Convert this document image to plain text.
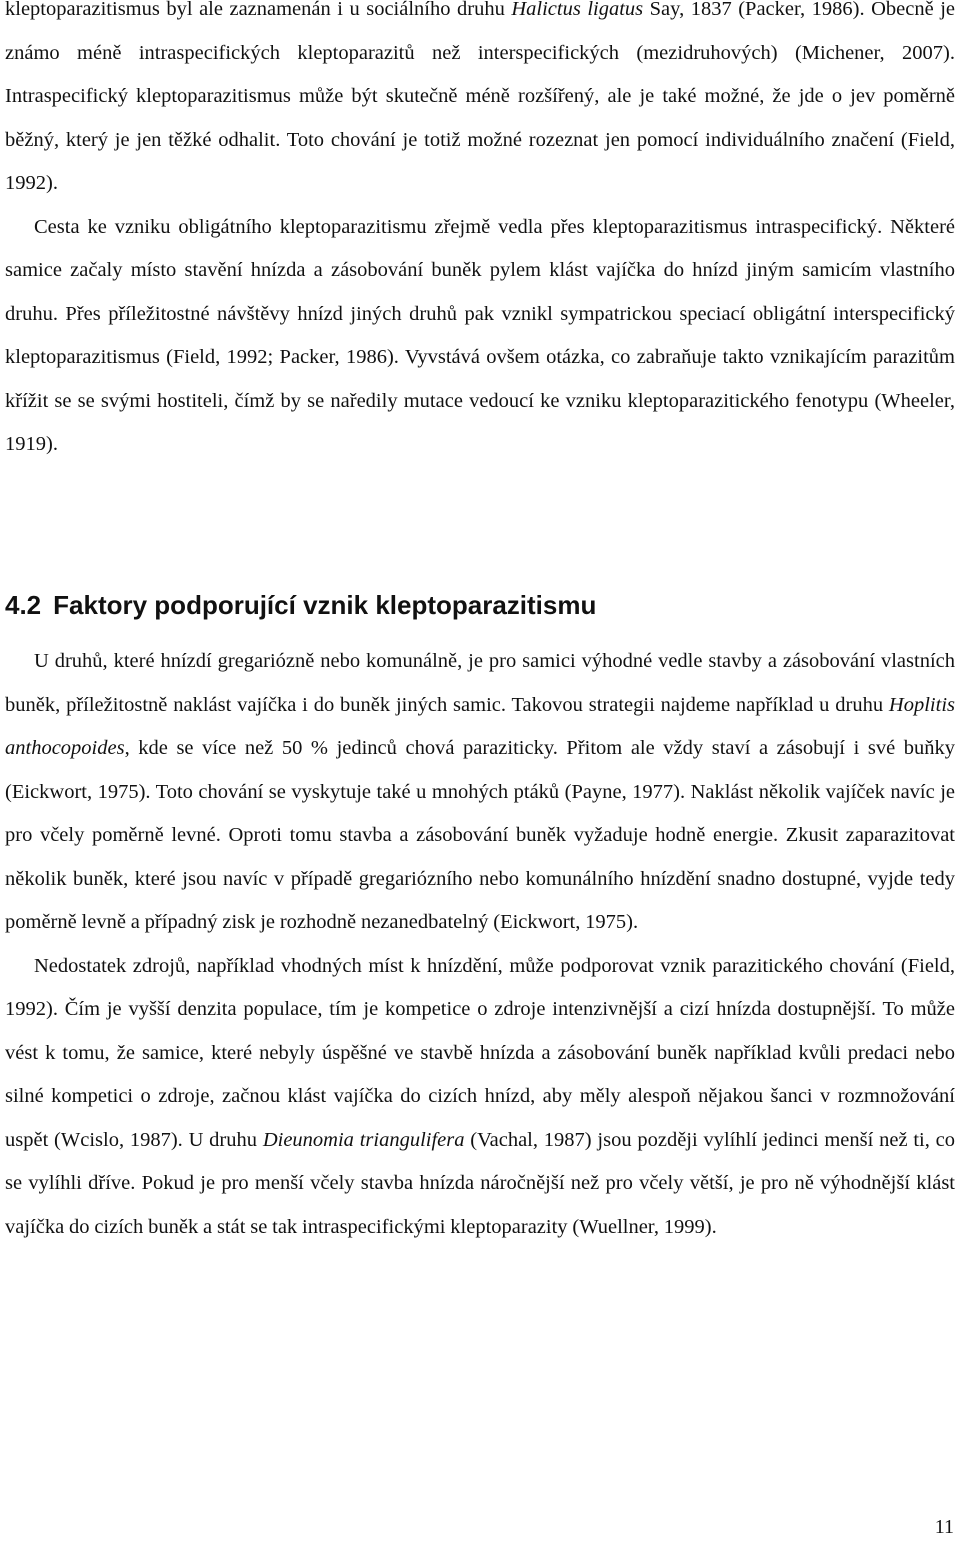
kleptoparazitismus byl ale zaznamenán i u sociálního druhu Halictus ligatus Say, 1837 (Packer, 1986). Obecně je známo méně intraspecifických kleptoparazitů než interspecifických (mezidruhových) (Michener, 2007). Intraspecifický kleptoparazitismus může být skutečně méně rozšířený, ale je také možné, že jde o jev poměrně běžný, který je jen těžké odhalit. Toto chování je totiž možné rozeznat jen pomocí individuálního značení (Field, 1992).

Cesta ke vzniku obligátního kleptoparazitismu zřejmě vedla přes kleptoparazitismus intraspecifický. Některé samice začaly místo stavění hnízda a zásobování buněk pylem klást vajíčka do hnízd jiným samicím vlastního druhu. Přes příležitostné návštěvy hnízd jiných druhů pak vznikl sympatrickou speciací obligátní interspecifický kleptoparazitismus (Field, 1992; Packer, 1986). Vyvstává ovšem otázka, co zabraňuje takto vznikajícím parazitům křížit se se svými hostiteli, čímž by se naředily mutace vedoucí ke vzniku kleptoparazitického fenotypu (Wheeler, 1919).

4.2 Faktory podporující vznik kleptoparazitismu

U druhů, které hnízdí gregariózně nebo komunálně, je pro samici výhodné vedle stavby a zásobování vlastních buněk, příležitostně naklást vajíčka i do buněk jiných samic. Takovou strategii najdeme například u druhu Hoplitis anthocopoides, kde se více než 50 % jedinců chová paraziticky. Přitom ale vždy staví a zásobují i své buňky (Eickwort, 1975). Toto chování se vyskytuje také u mnohých ptáků (Payne, 1977). Naklást několik vajíček navíc je pro včely poměrně levné. Oproti tomu stavba a zásobování buněk vyžaduje hodně energie. Zkusit zaparazitovat několik buněk, které jsou navíc v případě gregariózního nebo komunálního hnízdění snadno dostupné, vyjde tedy poměrně levně a případný zisk je rozhodně nezanedbatelný (Eickwort, 1975).

Nedostatek zdrojů, například vhodných míst k hnízdění, může podporovat vznik parazitického chování (Field, 1992). Čím je vyšší denzita populace, tím je kompetice o zdroje intenzivnější a cizí hnízda dostupnější. To může vést k tomu, že samice, které nebyly úspěšné ve stavbě hnízda a zásobování buněk například kvůli predaci nebo silné kompetici o zdroje, začnou klást vajíčka do cizích hnízd, aby měly alespoň nějakou šanci v rozmnožování uspět (Wcislo, 1987). U druhu Dieunomia triangulifera (Vachal, 1987) jsou později vylíhlí jedinci menší než ti, co se vylíhli dříve. Pokud je pro menší včely stavba hnízda náročnější než pro včely větší, je pro ně výhodnější klást vajíčka do cizích buněk a stát se tak intraspecifickými kleptoparazity (Wuellner, 1999).

11
